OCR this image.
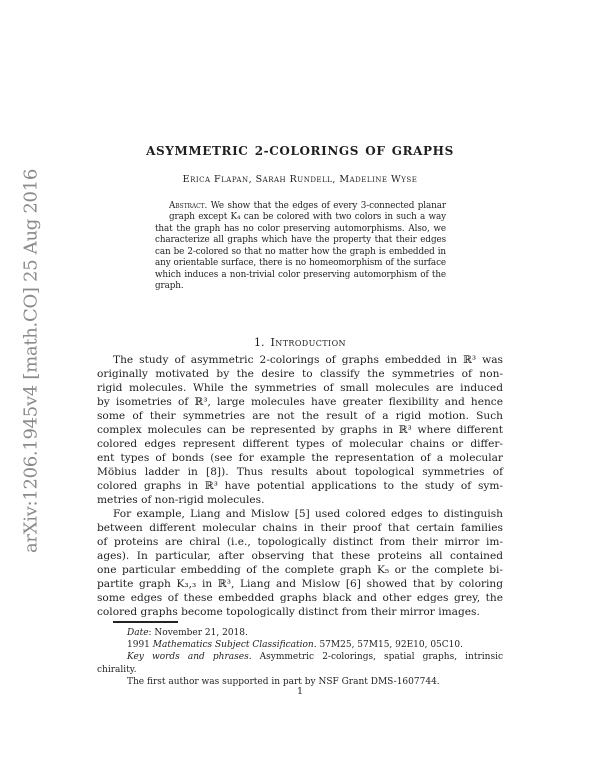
arXiv:1206.1945v4 [math.CO] 25 Aug 2016
ASYMMETRIC 2-COLORINGS OF GRAPHS
Erica Flapan, Sarah Rundell, Madeline Wyse
Abstract. We show that the edges of every 3-connected planar
graph except K₄ can be colored with two colors in such a way
that the graph has no color preserving automorphisms. Also, we
characterize all graphs which have the property that their edges
can be 2-colored so that no matter how the graph is embedded in
any orientable surface, there is no homeomorphism of the surface
which induces a non-trivial color preserving automorphism of the
graph.
1. Introduction
The study of asymmetric 2-colorings of graphs embedded in ℝ³ was
originally motivated by the desire to classify the symmetries of non-
rigid molecules. While the symmetries of small molecules are induced
by isometries of ℝ³, large molecules have greater flexibility and hence
some of their symmetries are not the result of a rigid motion. Such
complex molecules can be represented by graphs in ℝ³ where different
colored edges represent different types of molecular chains or differ-
ent types of bonds (see for example the representation of a molecular
Möbius ladder in [8]). Thus results about topological symmetries of
colored graphs in ℝ³ have potential applications to the study of sym-
metries of non-rigid molecules.
For example, Liang and Mislow [5] used colored edges to distinguish
between different molecular chains in their proof that certain families
of proteins are chiral (i.e., topologically distinct from their mirror im-
ages). In particular, after observing that these proteins all contained
one particular embedding of the complete graph K₅ or the complete bi-
partite graph K₃,₃ in ℝ³, Liang and Mislow [6] showed that by coloring
some edges of these embedded graphs black and other edges grey, the
colored graphs become topologically distinct from their mirror images.
Date: November 21, 2018.
1991 Mathematics Subject Classification. 57M25, 57M15, 92E10, 05C10.
Key words and phrases. Asymmetric 2-colorings, spatial graphs, intrinsic
chirality.
The first author was supported in part by NSF Grant DMS-1607744.
1
